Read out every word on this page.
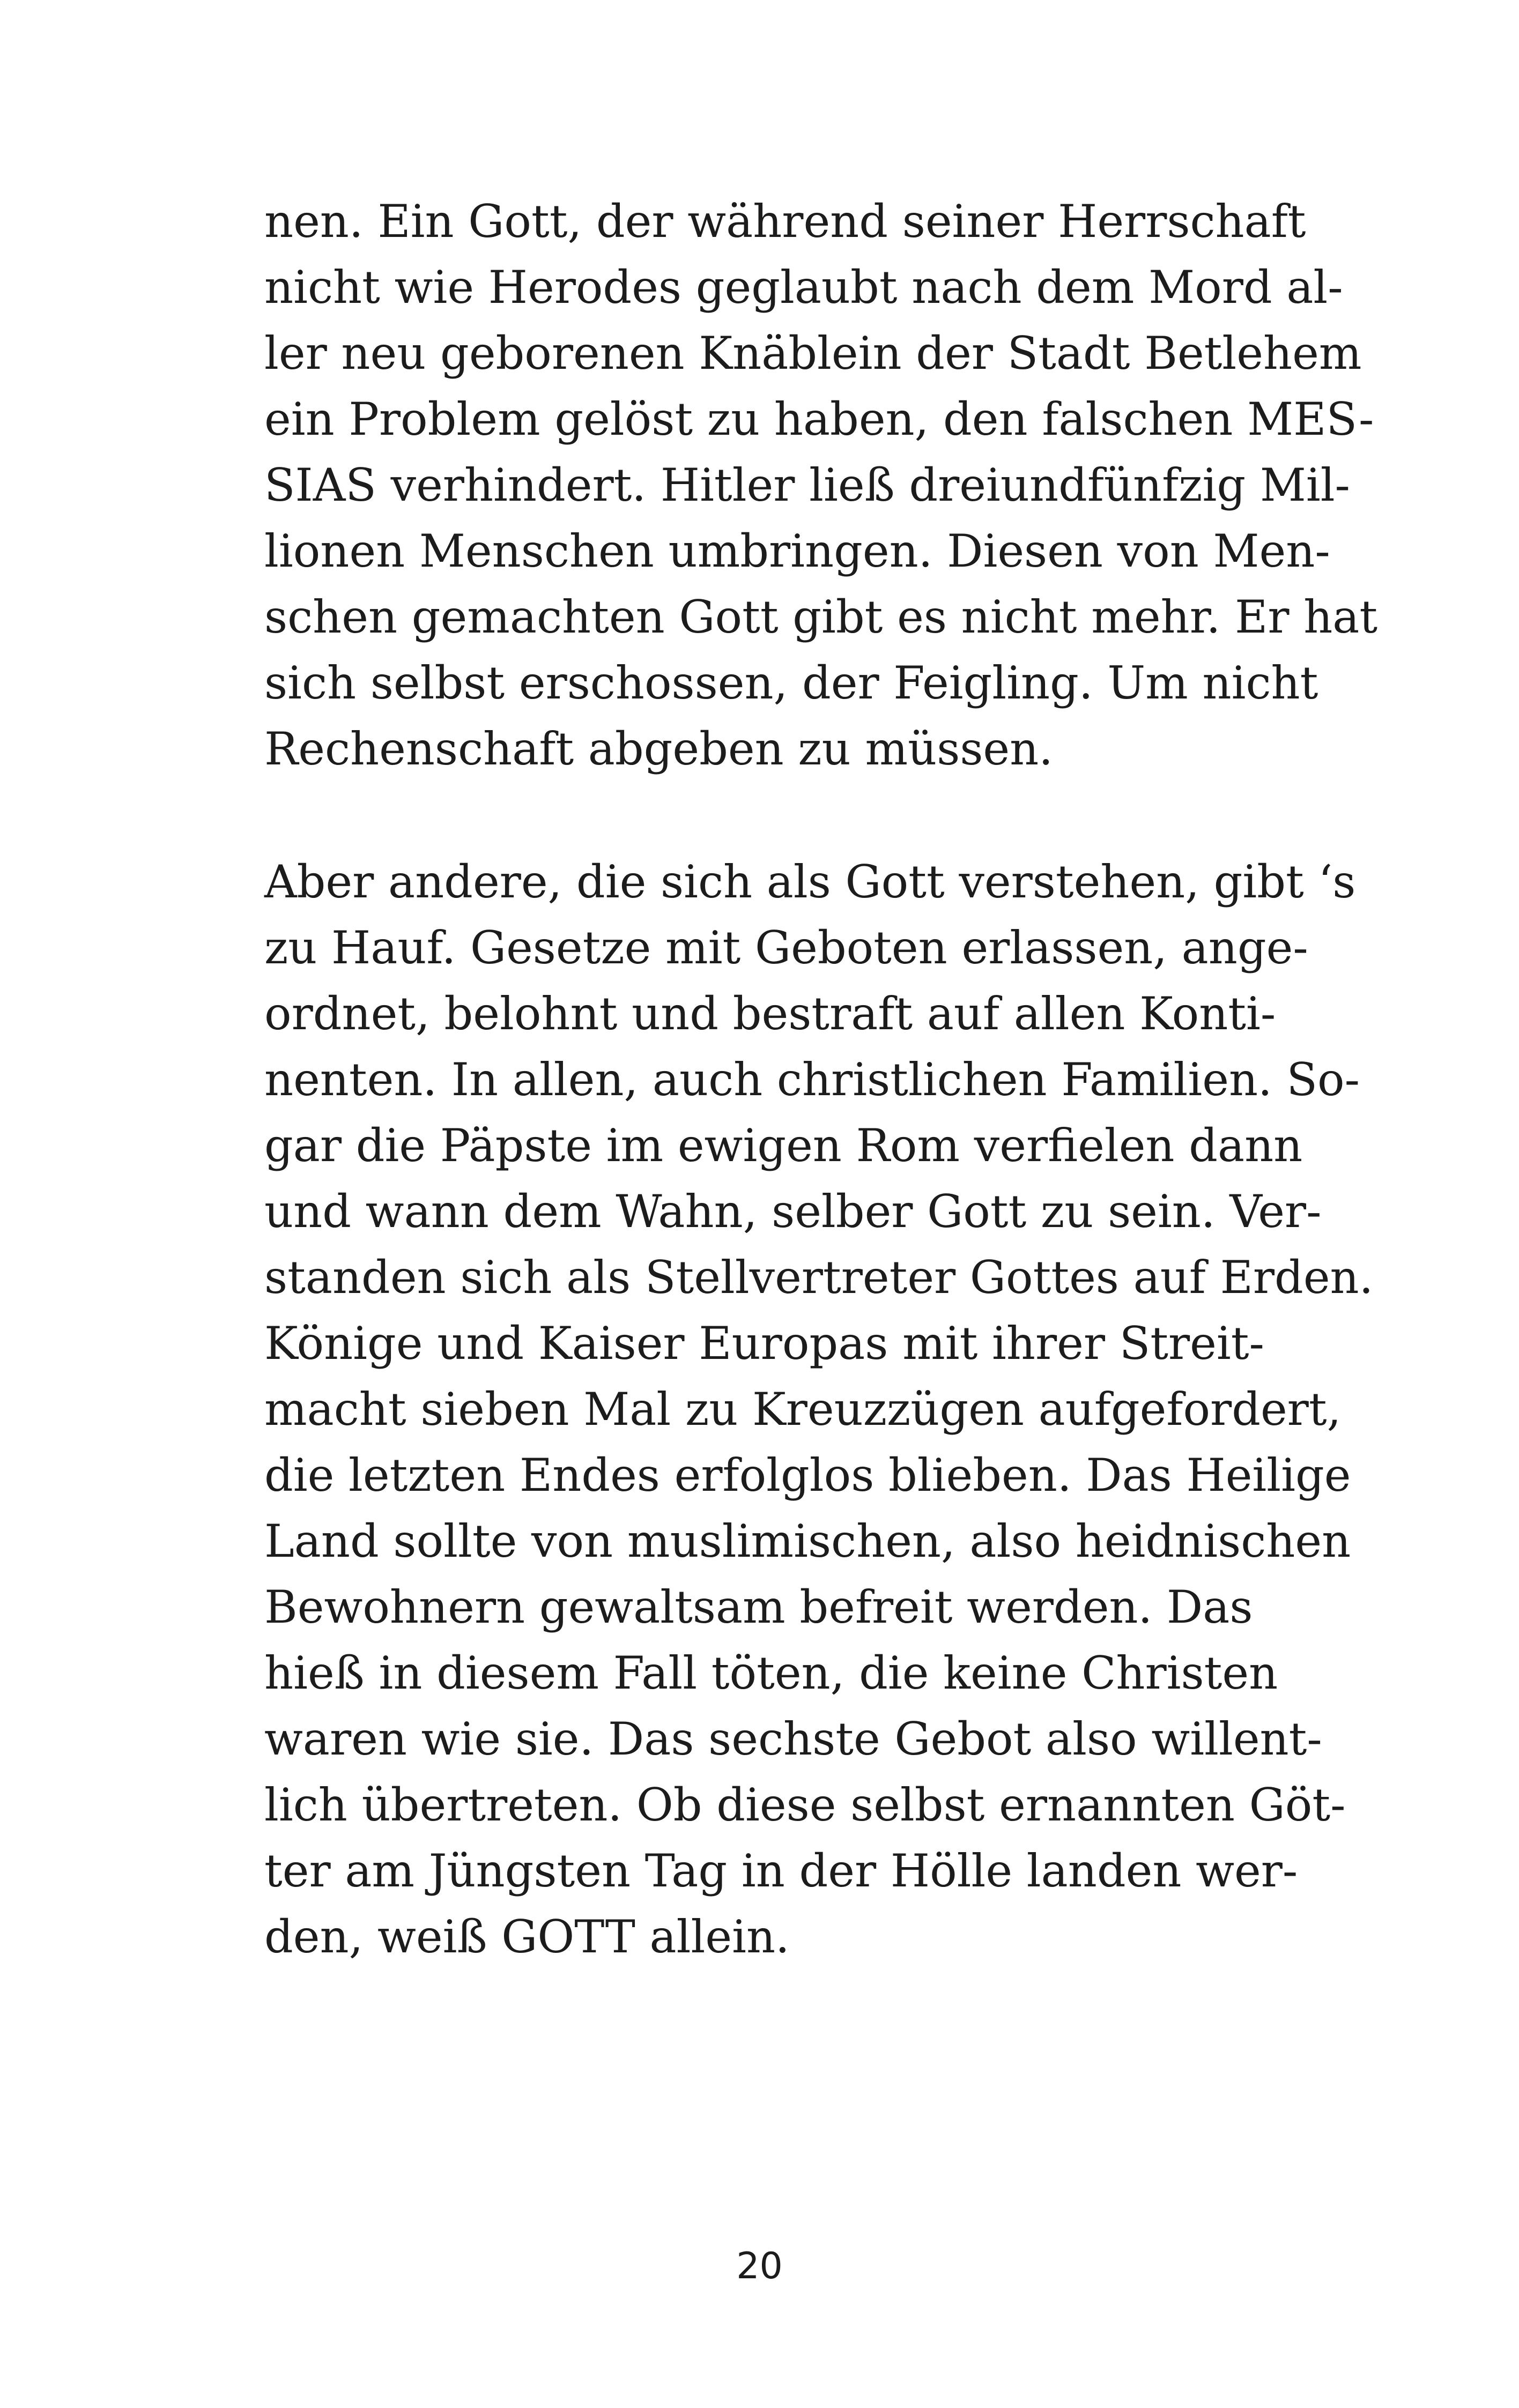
nen. Ein Gott, der während seiner Herrschaft
nicht wie Herodes geglaubt nach dem Mord al-
ler neu geborenen Knäblein der Stadt Betlehem
ein Problem gelöst zu haben, den falschen MES-
SIAS verhindert. Hitler ließ dreiundfünfzig Mil-
lionen Menschen umbringen. Diesen von Men-
schen gemachten Gott gibt es nicht mehr. Er hat
sich selbst erschossen, der Feigling. Um nicht
Rechenschaft abgeben zu müssen.
Aber andere, die sich als Gott verstehen, gibt ‘s
zu Hauf. Gesetze mit Geboten erlassen, ange-
ordnet, belohnt und bestraft auf allen Konti-
nenten. In allen, auch christlichen Familien. So-
gar die Päpste im ewigen Rom verfielen dann
und wann dem Wahn, selber Gott zu sein. Ver-
standen sich als Stellvertreter Gottes auf Erden.
Könige und Kaiser Europas mit ihrer Streit-
macht sieben Mal zu Kreuzzügen aufgefordert,
die letzten Endes erfolglos blieben. Das Heilige
Land sollte von muslimischen, also heidnischen
Bewohnern gewaltsam befreit werden. Das
hieß in diesem Fall töten, die keine Christen
waren wie sie. Das sechste Gebot also willent-
lich übertreten. Ob diese selbst ernannten Göt-
ter am Jüngsten Tag in der Hölle landen wer-
den, weiß GOTT allein.
20
